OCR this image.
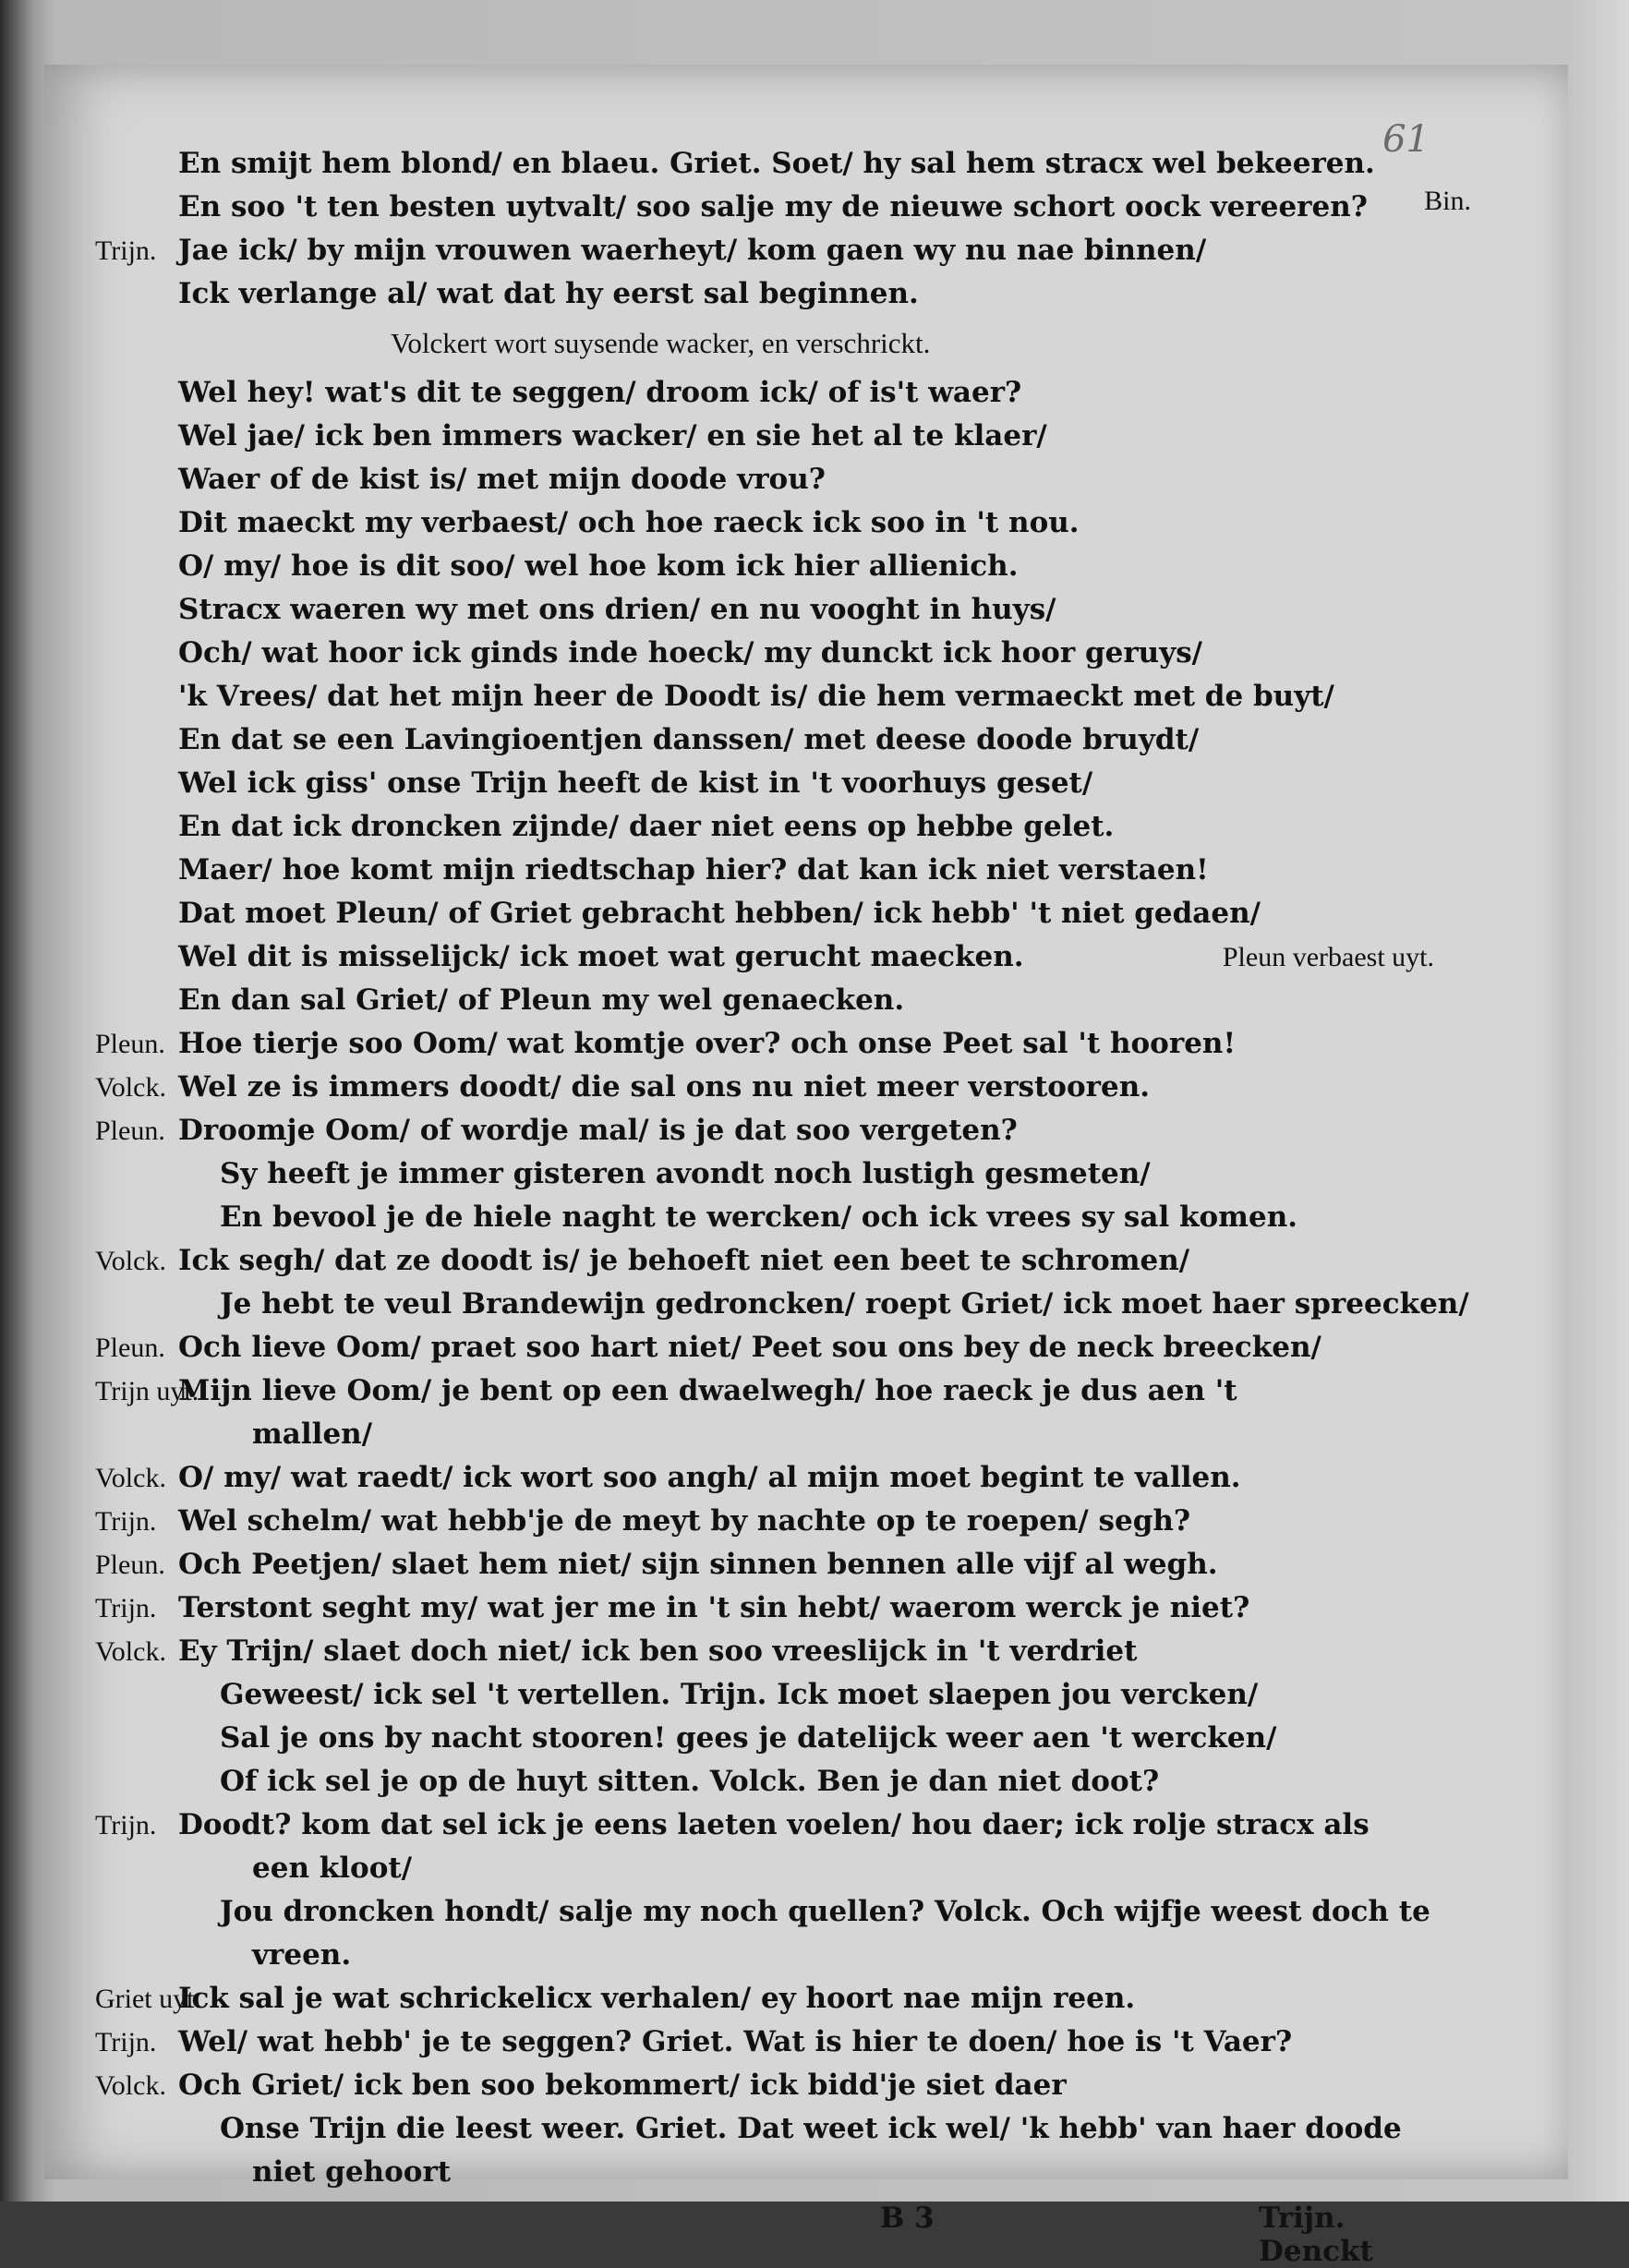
61
En smijt hem blond/ en blaeu. Griet. Soet/ hy sal hem stracx wel bekeeren.
En soo 't ten besten uytvalt/ soo salje my de nieuwe schort oock vereeren?
Trijn. Jae ick/ by mijn vrouwen waerheyt/ kom gaen wy nu nae binnen/
Ick verlange al/ wat dat hy eerst sal beginnen.
Bin.
Volckert wort suysende wacker, en verschrickt.
Wel hey! wat's dit te seggen/ droom ick/ of is't waer?
Wel jae/ ick ben immers wacker/ en sie het al te klaer/
Waer of de kist is/ met mijn doode vrou?
Dit maeckt my verbaest/ och hoe raeck ick soo in 't nou.
O/ my/ hoe is dit soo/ wel hoe kom ick hier allienich.
Stracx waeren wy met ons drien/ en nu vooght in huys/
Och/ wat hoor ick ginds inde hoeck/ my dunckt ick hoor geruys/
'k Vrees/ dat het mijn heer de Doodt is/ die hem vermaeckt met de buyt/
En dat se een Lavingioentjen danssen/ met deese doode bruydt/
Wel ick giss' onse Trijn heeft de kist in 't voorhuys geset/
En dat ick droncken zijnde/ daer niet eens op hebbe gelet.
Maer/ hoe komt mijn riedtschap hier? dat kan ick niet verstaen!
Dat moet Pleun/ of Griet gebracht hebben/ ick hebb' 't niet gedaen/
Wel dit is misselijck/ ick moet wat gerucht maecken.	Pleun verbaest uyt.
En dan sal Griet/ of Pleun my wel genaecken.
Pleun. Hoe tierje soo Oom/ wat komtje over? och onse Peet sal 't hooren!
Volck. Wel ze is immers doodt/ die sal ons nu niet meer verstooren.
Pleun. Droomje Oom/ of wordje mal/ is je dat soo vergeten?
Sy heeft je immer gisteren avondt noch lustigh gesmeten/
En bevool je de hiele naght te wercken/ och ick vrees sy sal komen.
Volck. Ick segh/ dat ze doodt is/ je behoeft niet een beet te schromen/
Je hebt te veul Brandewijn gedroncken/ roept Griet/ ick moet haer spreecken/
Pleun. Och lieve Oom/ praet soo hart niet/ Peet sou ons bey de neck breecken/
Trijn uyt.Mijn lieve Oom/ je bent op een dwaelwegh/ hoe raeck je dus aen 't
mallen/
Volck. O/ my/ wat raedt/ ick wort soo angh/ al mijn moet begint te vallen.
Trijn. Wel schelm/ wat hebb'je de meyt by nachte op te roepen/ segh?
Pleun. Och Peetjen/ slaet hem niet/ sijn sinnen bennen alle vijf al wegh.
Trijn. Terstont seght my/ wat jer me in 't sin hebt/ waerom werck je niet?
Volck. Ey Trijn/ slaet doch niet/ ick ben soo vreeslijck in 't verdriet
Geweest/ ick sel 't vertellen. Trijn. Ick moet slaepen jou vercken/
Sal je ons by nacht stooren! gees je datelijck weer aen 't wercken/
Of ick sel je op de huyt sitten. Volck. Ben je dan niet doot?
Trijn. Doodt? kom dat sel ick je eens laeten voelen/ hou daer; ick rolje stracx als
een kloot/
Jou droncken hondt/ salje my noch quellen? Volck. Och wijfje weest doch te
vreen.
Griet uyt.Ick sal je wat schrickelicx verhalen/ ey hoort nae mijn reen.
Trijn. Wel/ wat hebb' je te seggen? Griet. Wat is hier te doen/ hoe is 't Vaer?
Volck. Och Griet/ ick ben soo bekommert/ ick bidd'je siet daer
Onse Trijn die leest weer. Griet. Dat weet ick wel/ 'k hebb' van haer doode
niet gehoort
B 3	Trijn. Denckt
